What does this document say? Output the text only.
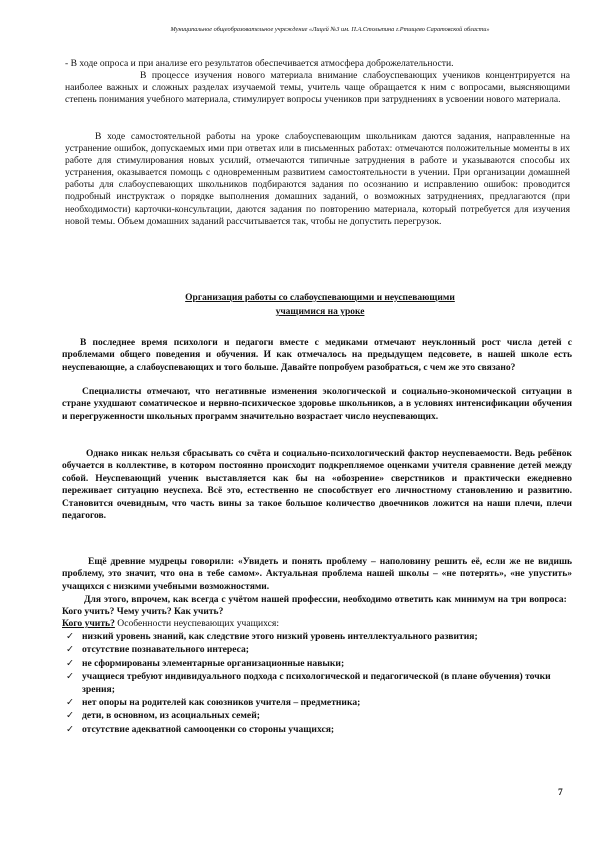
Муниципальное общеобразовательное учреждение «Лицей №3 им. П.А.Столыпина г.Ртищево Саратовской области»

- В ходе опроса и при анализе его результатов обеспечивается атмосфера доброжелательности.

В процессе изучения нового материала внимание слабоуспевающих учеников концентрируется на наиболее важных и сложных разделах изучаемой темы, учитель чаще обращается к ним с вопросами, выясняющими степень понимания учебного материала, стимулирует вопросы учеников при затруднениях в усвоении нового материала.

В ходе самостоятельной работы на уроке слабоуспевающим школьникам даются задания, направленные на устранение ошибок, допускаемых ими при ответах или в письменных работах: отмечаются положительные моменты в их работе для стимулирования новых усилий, отмечаются типичные затруднения в работе и указываются способы их устранения, оказывается помощь с одновременным развитием самостоятельности в учении. При организации домашней работы для слабоуспевающих школьников подбираются задания по осознанию и исправлению ошибок: проводится подробный инструктаж о порядке выполнения домашних заданий, о возможных затруднениях, предлагаются (при необходимости) карточки-консультации, даются задания по повторению материала, который потребуется для изучения новой темы. Объем домашних заданий рассчитывается так, чтобы не допустить перегрузок.

Организация работы со слабоуспевающими и неуспевающими
учащимися на уроке

В последнее время психологи и педагоги вместе с медиками отмечают неуклонный рост числа детей с проблемами общего поведения и обучения. И как отмечалось на предыдущем педсовете, в нашей школе есть неуспевающие, а слабоуспевающих и того больше. Давайте попробуем разобраться, с чем же это связано?

Специалисты отмечают, что негативные изменения экологической и социально-экономической ситуации в стране ухудшают соматическое и нервно-психическое здоровье школьников, а в условиях интенсификации обучения и перегруженности школьных программ значительно возрастает число неуспевающих.

Однако никак нельзя сбрасывать со счёта и социально-психологический фактор неуспеваемости. Ведь ребёнок обучается в коллективе, в котором постоянно происходит подкрепляемое оценками учителя сравнение детей между собой. Неуспевающий ученик выставляется как бы на «обозрение» сверстников и практически ежедневно переживает ситуацию неуспеха. Всё это, естественно не способствует его личностному становлению и развитию. Становится очевидным, что часть вины за такое большое количество двоечников ложится на наши плечи, плечи педагогов.

Ещё древние мудрецы говорили: «Увидеть и понять проблему – наполовину решить её, если же не видишь проблему, это значит, что она в тебе самом». Актуальная проблема нашей школы – «не потерять», «не упустить» учащихся с низкими учебными возможностями.

Для этого, впрочем, как всегда с учётом нашей профессии, необходимо ответить как минимум на три вопроса:   Кого учить? Чему учить? Как учить?

Кого учить? Особенности неуспевающих учащихся:

✓ низкий уровень знаний, как следствие этого низкий уровень интеллектуального развития;
✓ отсутствие познавательного интереса;
✓ не сформированы элементарные организационные навыки;
✓ учащиеся требуют индивидуального подхода с психологической и педагогической (в плане обучения) точки зрения;
✓ нет опоры на родителей как союзников учителя – предметника;
✓ дети, в основном, из асоциальных семей;
✓ отсутствие адекватной самооценки со стороны учащихся;
7
